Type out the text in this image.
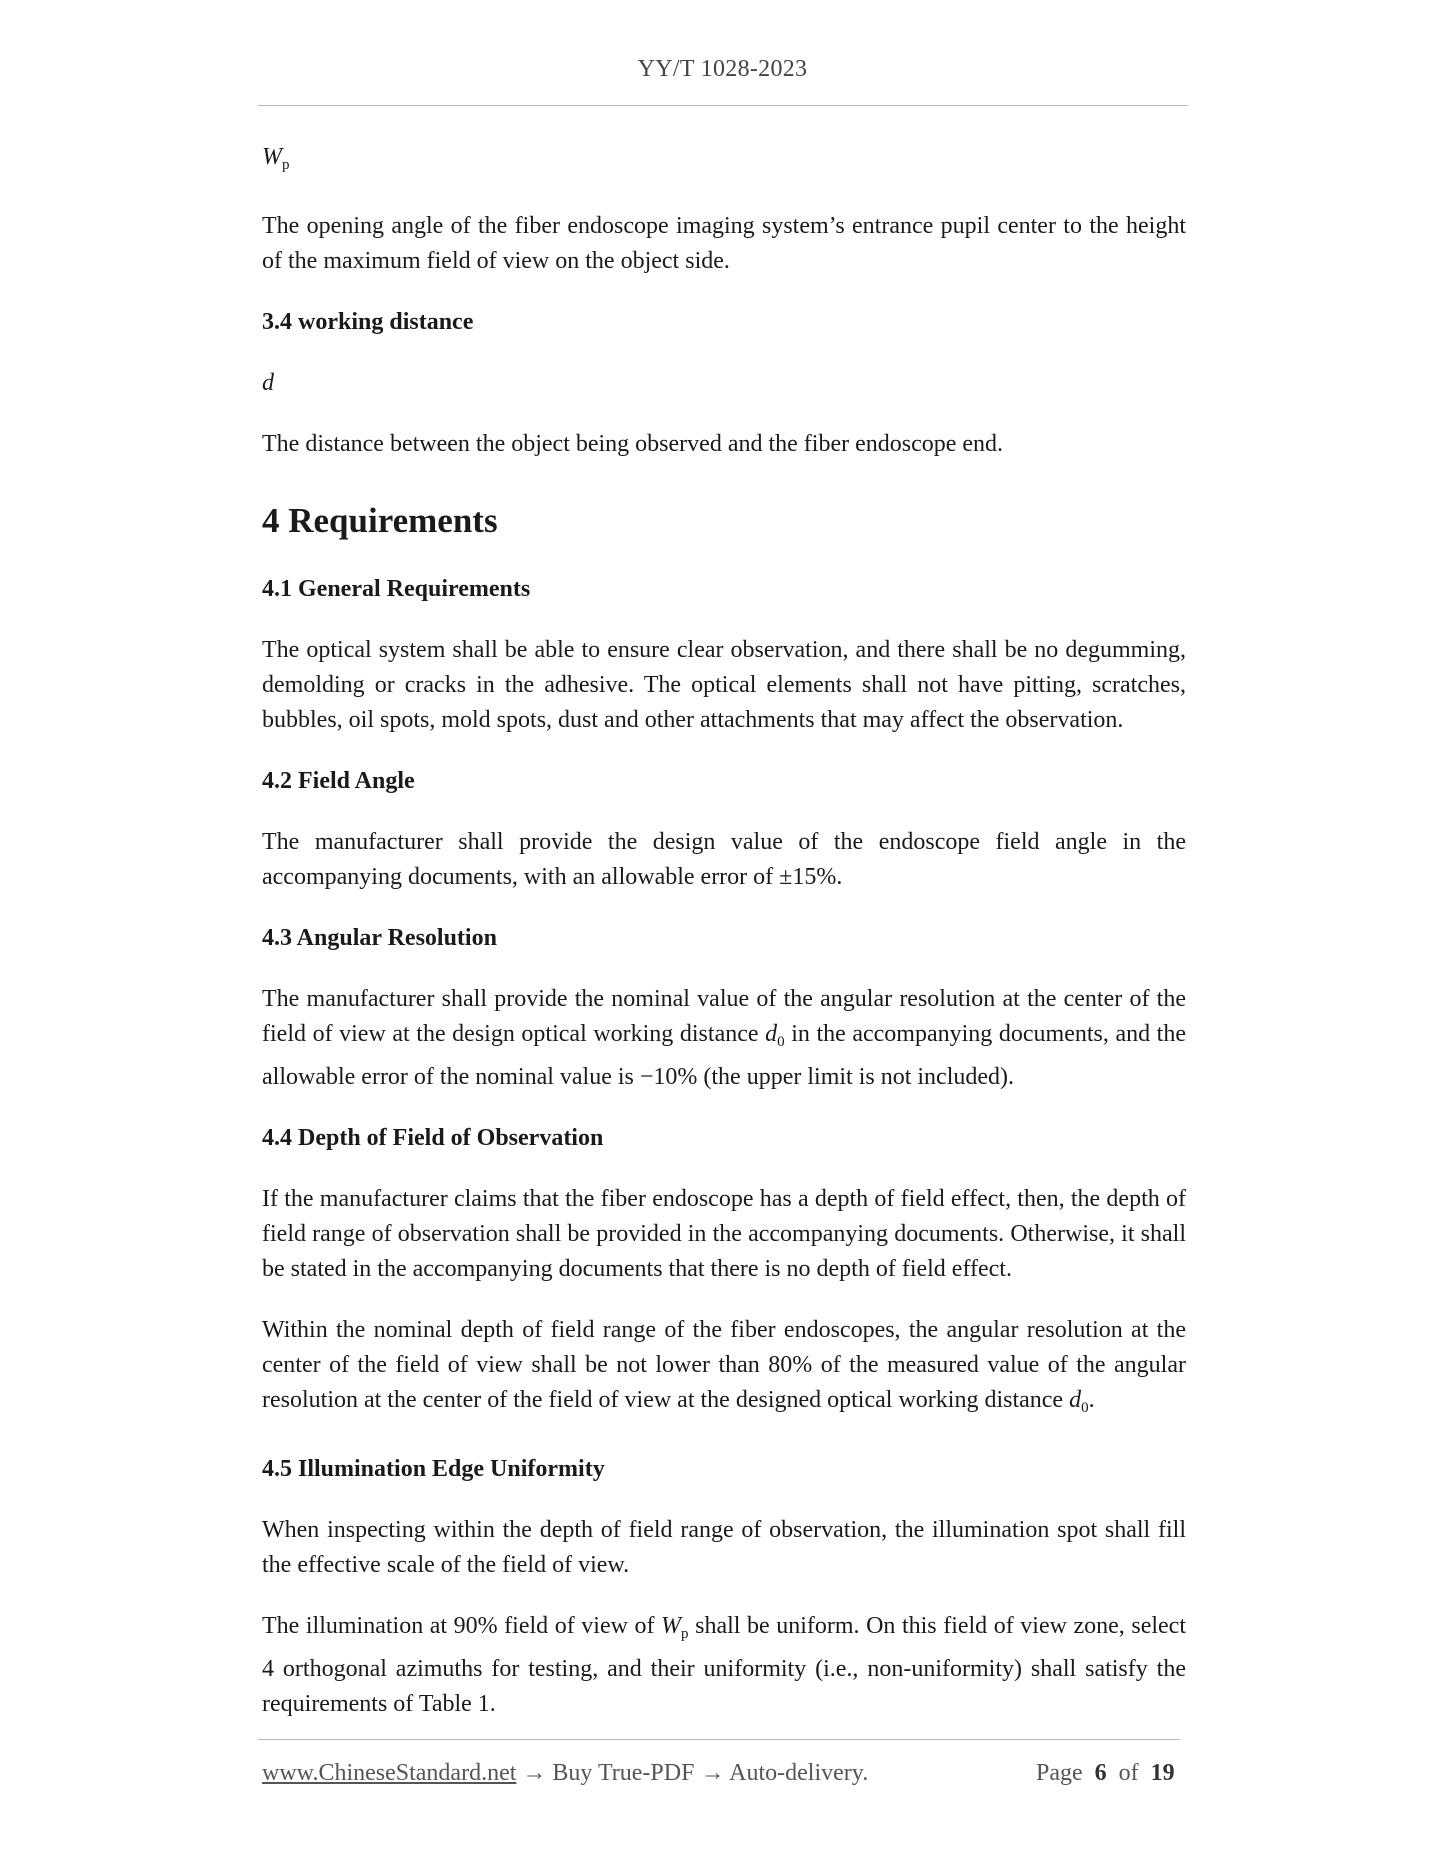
YY/T 1028-2023

$W_p$

The opening angle of the fiber endoscope imaging system’s entrance pupil center to the height of the maximum field of view on the object side.

3.4 working distance

d

The distance between the object being observed and the fiber endoscope end.

4 Requirements

4.1 General Requirements

The optical system shall be able to ensure clear observation, and there shall be no degumming, demolding or cracks in the adhesive. The optical elements shall not have pitting, scratches, bubbles, oil spots, mold spots, dust and other attachments that may affect the observation.

4.2 Field Angle

The manufacturer shall provide the design value of the endoscope field angle in the accompanying documents, with an allowable error of ±15%.

4.3 Angular Resolution

The manufacturer shall provide the nominal value of the angular resolution at the center of the field of view at the design optical working distance $d_0$ in the accompanying documents, and the allowable error of the nominal value is −10% (the upper limit is not included).

4.4 Depth of Field of Observation

If the manufacturer claims that the fiber endoscope has a depth of field effect, then, the depth of field range of observation shall be provided in the accompanying documents. Otherwise, it shall be stated in the accompanying documents that there is no depth of field effect.

Within the nominal depth of field range of the fiber endoscopes, the angular resolution at the center of the field of view shall be not lower than 80% of the measured value of the angular resolution at the center of the field of view at the designed optical working distance $d_0$.

4.5 Illumination Edge Uniformity

When inspecting within the depth of field range of observation, the illumination spot shall fill the effective scale of the field of view.

The illumination at 90% field of view of $W_p$ shall be uniform. On this field of view zone, select 4 orthogonal azimuths for testing, and their uniformity (i.e., non-uniformity) shall satisfy the requirements of Table 1.

www.ChineseStandard.net → Buy True-PDF → Auto-delivery.	Page 6 of 19
